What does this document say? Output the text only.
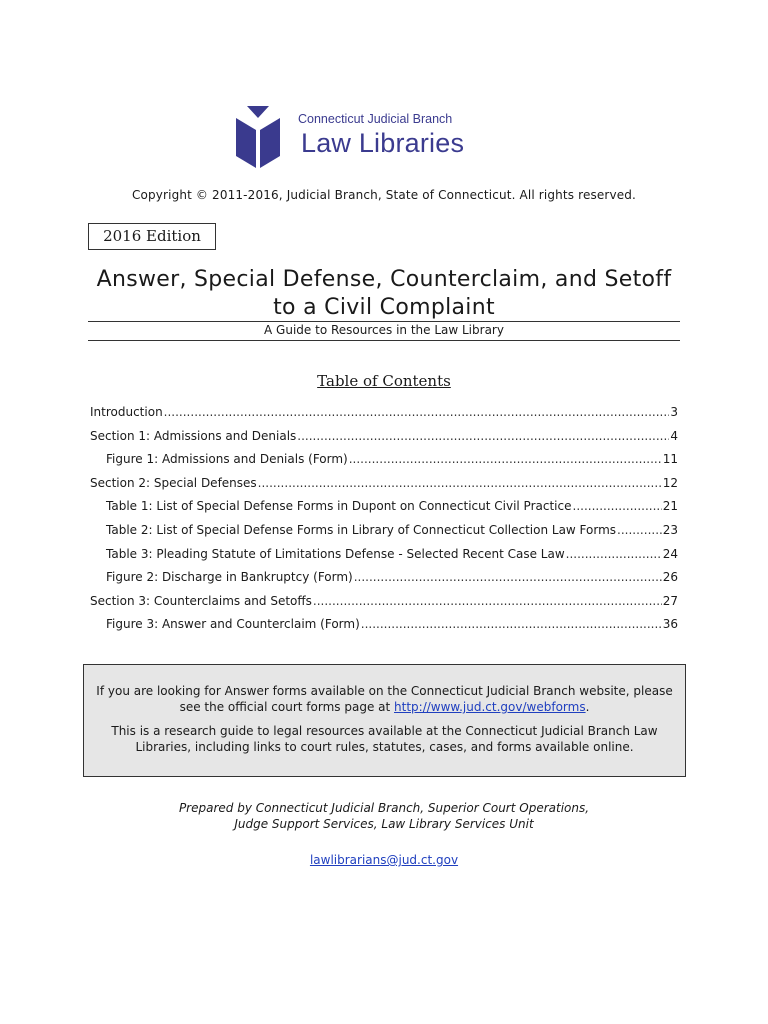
Connecticut Judicial Branch
Law Libraries
Copyright © 2011-2016, Judicial Branch, State of Connecticut. All rights reserved.
2016 Edition
Answer, Special Defense, Counterclaim, and Setoff
to a Civil Complaint
A Guide to Resources in the Law Library
Table of Contents
Introduction .....	3
Section 1: Admissions and Denials .....	4
Figure 1: Admissions and Denials (Form) .....	11
Section 2: Special Defenses .....	12
Table 1: List of Special Defense Forms in Dupont on Connecticut Civil Practice .....	21
Table 2: List of Special Defense Forms in Library of Connecticut Collection Law Forms .....	23
Table 3: Pleading Statute of Limitations Defense - Selected Recent Case Law .....	24
Figure 2: Discharge in Bankruptcy (Form) .....	26
Section 3: Counterclaims and Setoffs .....	27
Figure 3: Answer and Counterclaim (Form) .....	36

If you are looking for Answer forms available on the Connecticut Judicial Branch website, please see the official court forms page at http://www.jud.ct.gov/webforms.

This is a research guide to legal resources available at the Connecticut Judicial Branch Law Libraries, including links to court rules, statutes, cases, and forms available online.

Prepared by Connecticut Judicial Branch, Superior Court Operations,
Judge Support Services, Law Library Services Unit
lawlibrarians@jud.ct.gov
